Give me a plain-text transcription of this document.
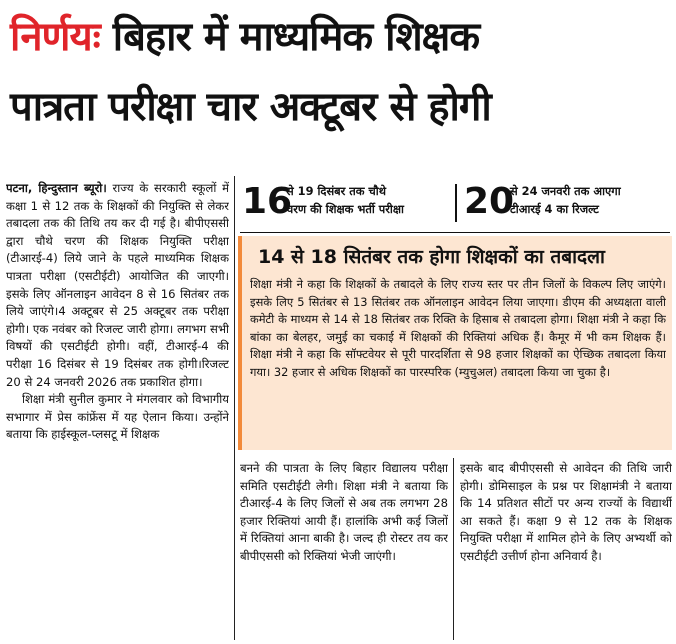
निर्णयः बिहार में माध्यमिक शिक्षक
पात्रता परीक्षा चार अक्टूबर से होगी

पटना, हिन्दुस्तान ब्यूरो। राज्य के सरकारी स्कूलों में कक्षा 1 से 12 तक के शिक्षकों की नियुक्ति से लेकर तबादला तक की तिथि तय कर दी गई है। बीपीएससी द्वारा चौथे चरण की शिक्षक नियुक्ति परीक्षा (टीआरई-4) लिये जाने के पहले माध्यमिक शिक्षक पात्रता परीक्षा (एसटीईटी) आयोजित की जाएगी। इसके लिए ऑनलाइन आवेदन 8 से 16 सितंबर तक लिये जाएंगे।4 अक्टूबर से 25 अक्टूबर तक परीक्षा होगी। एक नवंबर को रिजल्ट जारी होगा। लगभग सभी विषयों की एसटीईटी होगी। वहीं, टीआरई-4 की परीक्षा 16 दिसंबर से 19 दिसंबर तक होगी।रिजल्ट 20 से 24 जनवरी 2026 तक प्रकाशित होगा।

शिक्षा मंत्री सुनील कुमार ने मंगलवार को विभागीय सभागार में प्रेस कांफ्रेंस में यह ऐलान किया। उन्होंने बताया कि हाईस्कूल-प्लसटू में शिक्षक

16
से 19 दिसंबर तक चौथे
चरण की शिक्षक भर्ती परीक्षा 20
से 24 जनवरी तक आएगा
टीआरई 4 का रिजल्ट
14 से 18 सितंबर तक होगा शिक्षकों का तबादला
शिक्षा मंत्री ने कहा कि शिक्षकों के तबादले के लिए राज्य स्तर पर तीन जिलों के विकल्प लिए जाएंगे। इसके लिए 5 सितंबर से 13 सितंबर तक ऑनलाइन आवेदन लिया जाएगा। डीएम की अध्यक्षता वाली कमेटी के माध्यम से 14 से 18 सितंबर तक रिक्ति के हिसाब से तबादला होगा। शिक्षा मंत्री ने कहा कि बांका का बेलहर, जमुई का चकाई में शिक्षकों की रिक्तियां अधिक हैं। कैमूर में भी कम शिक्षक हैं। शिक्षा मंत्री ने कहा कि सॉफ्टवेयर से पूरी पारदर्शिता से 98 हजार शिक्षकों का ऐच्छिक तबादला किया गया। 32 हजार से अधिक शिक्षकों का पारस्परिक (म्युचुअल) तबादला किया जा चुका है।
बनने की पात्रता के लिए बिहार विद्यालय परीक्षा समिति एसटीईटी लेगी। शिक्षा मंत्री ने बताया कि टीआरई-4 के लिए जिलों से अब तक लगभग 28 हजार रिक्तियां आयी हैं। हालांकि अभी कई जिलों में रिक्तियां आना बाकी है। जल्द ही रोस्टर तय कर बीपीएससी को रिक्तियां भेजी जाएंगी।
इसके बाद बीपीएससी से आवेदन की तिथि जारी होगी। डोमिसाइल के प्रश्न पर शिक्षामंत्री ने बताया कि 14 प्रतिशत सीटों पर अन्य राज्यों के विद्यार्थी आ सकते हैं। कक्षा 9 से 12 तक के शिक्षक नियुक्ति परीक्षा में शामिल होने के लिए अभ्यर्थी को एसटीईटी उत्तीर्ण होना अनिवार्य है।
